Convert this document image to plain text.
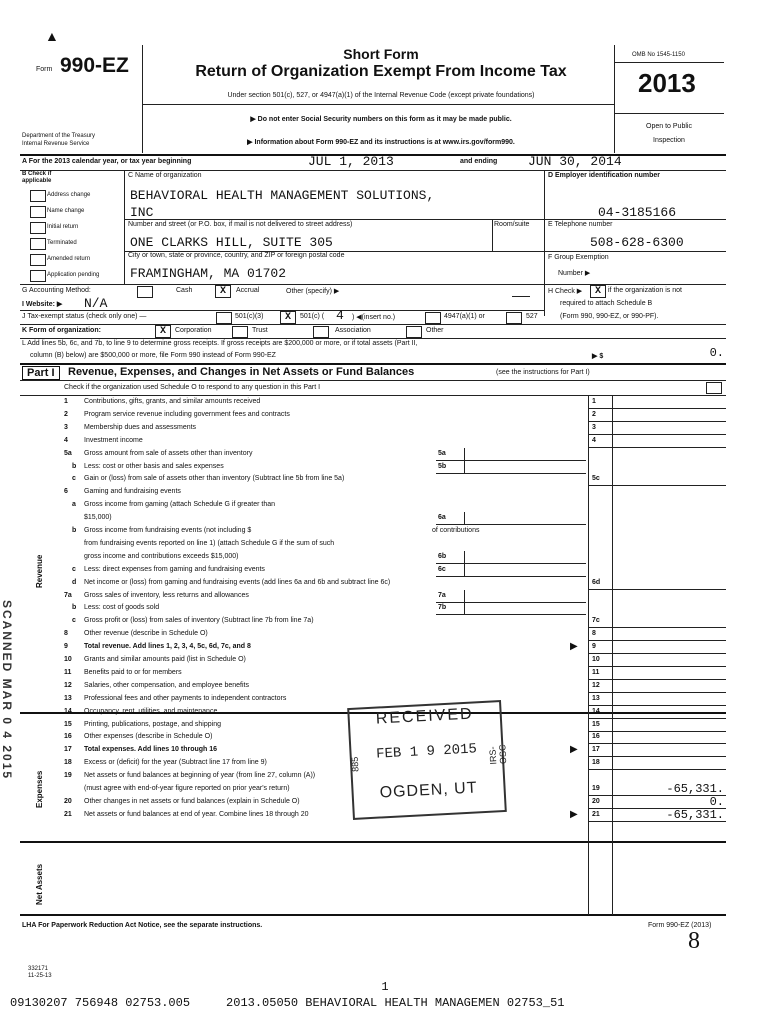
▲
Form 990-EZ	Short Form
Return of Organization Exempt From Income Tax
Under section 501(c), 527, or 4947(a)(1) of the Internal Revenue Code (except private foundations)
▶ Do not enter Social Security numbers on this form as it may be made public.
▶ Information about Form 990-EZ and its instructions is at www.irs.gov/form990.
Department of the Treasury
Internal Revenue Service
OMB No 1545-1150
2013
Open to Public
Inspection
A For the 2013 calendar year, or tax year beginning	JUL 1, 2013	and ending JUN 30, 2014
B Check if applicable
Address change
Name change
Initial return
Terminated
Amended return
Application pending
C Name of organization
BEHAVIORAL HEALTH MANAGEMENT SOLUTIONS,
INC
Number and street (or P.O. box, if mail is not delivered to street address)	Room/suite
ONE CLARKS HILL, SUITE 305
City or town, state or province, country, and ZIP or foreign postal code
FRAMINGHAM, MA 01702
D Employer identification number
04-3185166
E Telephone number
508-628-6300
F Group Exemption
Number ▶
G Accounting Method:	Cash	X	Accrual	Other (specify) ▶	H Check ▶	X	if the organization is not
required to attach Schedule B
(Form 990, 990-EZ, or 990-PF).
I Website: ▶ N/A
J Tax-exempt status (check only one) —	501(c)(3)	X	501(c) ( 4 ) ◀(insert no.)	4947(a)(1) or	527
K Form of organization:	X	Corporation	Trust	Association	Other
L Add lines 5b, 6c, and 7b, to line 9 to determine gross receipts. If gross receipts are $200,000 or more, or if total assets (Part II,
column (B) below) are $500,000 or more, file Form 990 instead of Form 990-EZ	▶ $	0.
Part I	Revenue, Expenses, and Changes in Net Assets or Fund Balances	(see the instructions for Part I)
Check if the organization used Schedule O to respond to any question in this Part I
Revenue
Expenses
Net Assets
1 Contributions, gifts, grants, and similar amounts received	1
2 Program service revenue including government fees and contracts	2
3 Membership dues and assessments	3
4 Investment income	4
5a Gross amount from sale of assets other than inventory	5a
b Less: cost or other basis and sales expenses	5b
c Gain or (loss) from sale of assets other than inventory (Subtract line 5b from line 5a)	5c
6 Gaming and fundraising events
a Gross income from gaming (attach Schedule G if greater than
$15,000)	6a
b Gross income from fundraising events (not including $	of contributions
from fundraising events reported on line 1) (attach Schedule G if the sum of such
gross income and contributions exceeds $15,000)	6b
c Less: direct expenses from gaming and fundraising events	6c
d Net income or (loss) from gaming and fundraising events (add lines 6a and 6b and subtract line 6c)	6d
7a Gross sales of inventory, less returns and allowances	7a
b Less: cost of goods sold	7b
c Gross profit or (loss) from sales of inventory (Subtract line 7b from line 7a)	7c
8 Other revenue (describe in Schedule O)	8
9 Total revenue. Add lines 1, 2, 3, 4, 5c, 6d, 7c, and 8	9
▶
10 Grants and similar amounts paid (list in Schedule O)	10
11 Benefits paid to or for members	11
12 Salaries, other compensation, and employee benefits	12
13 Professional fees and other payments to independent contractors	13
14 Occupancy, rent, utilities, and maintenance	14
15 Printing, publications, postage, and shipping	15
16 Other expenses (describe in Schedule O)	16
17 Total expenses. Add lines 10 through 16	17
▶
18 Excess or (deficit) for the year (Subtract line 17 from line 9)	18
19 Net assets or fund balances at beginning of year (from line 27, column (A))
(must agree with end-of-year figure reported on prior year's return)	19	-65,331.
20 Other changes in net assets or fund balances (explain in Schedule O)	20	0.
21 Net assets or fund balances at end of year. Combine lines 18 through 20	21	-65,331.
▶
RECEIVED
FEB 1 9 2015
OGDEN, UT
885	IRS-OSC
SCANNED MAR 0 4 2015
LHA For Paperwork Reduction Act Notice, see the separate instructions.	Form 990-EZ (2013)
8
332171
11-25-13
1
09130207 756948 02753.005     2013.05050 BEHAVIORAL HEALTH MANAGEMEN 02753_51
